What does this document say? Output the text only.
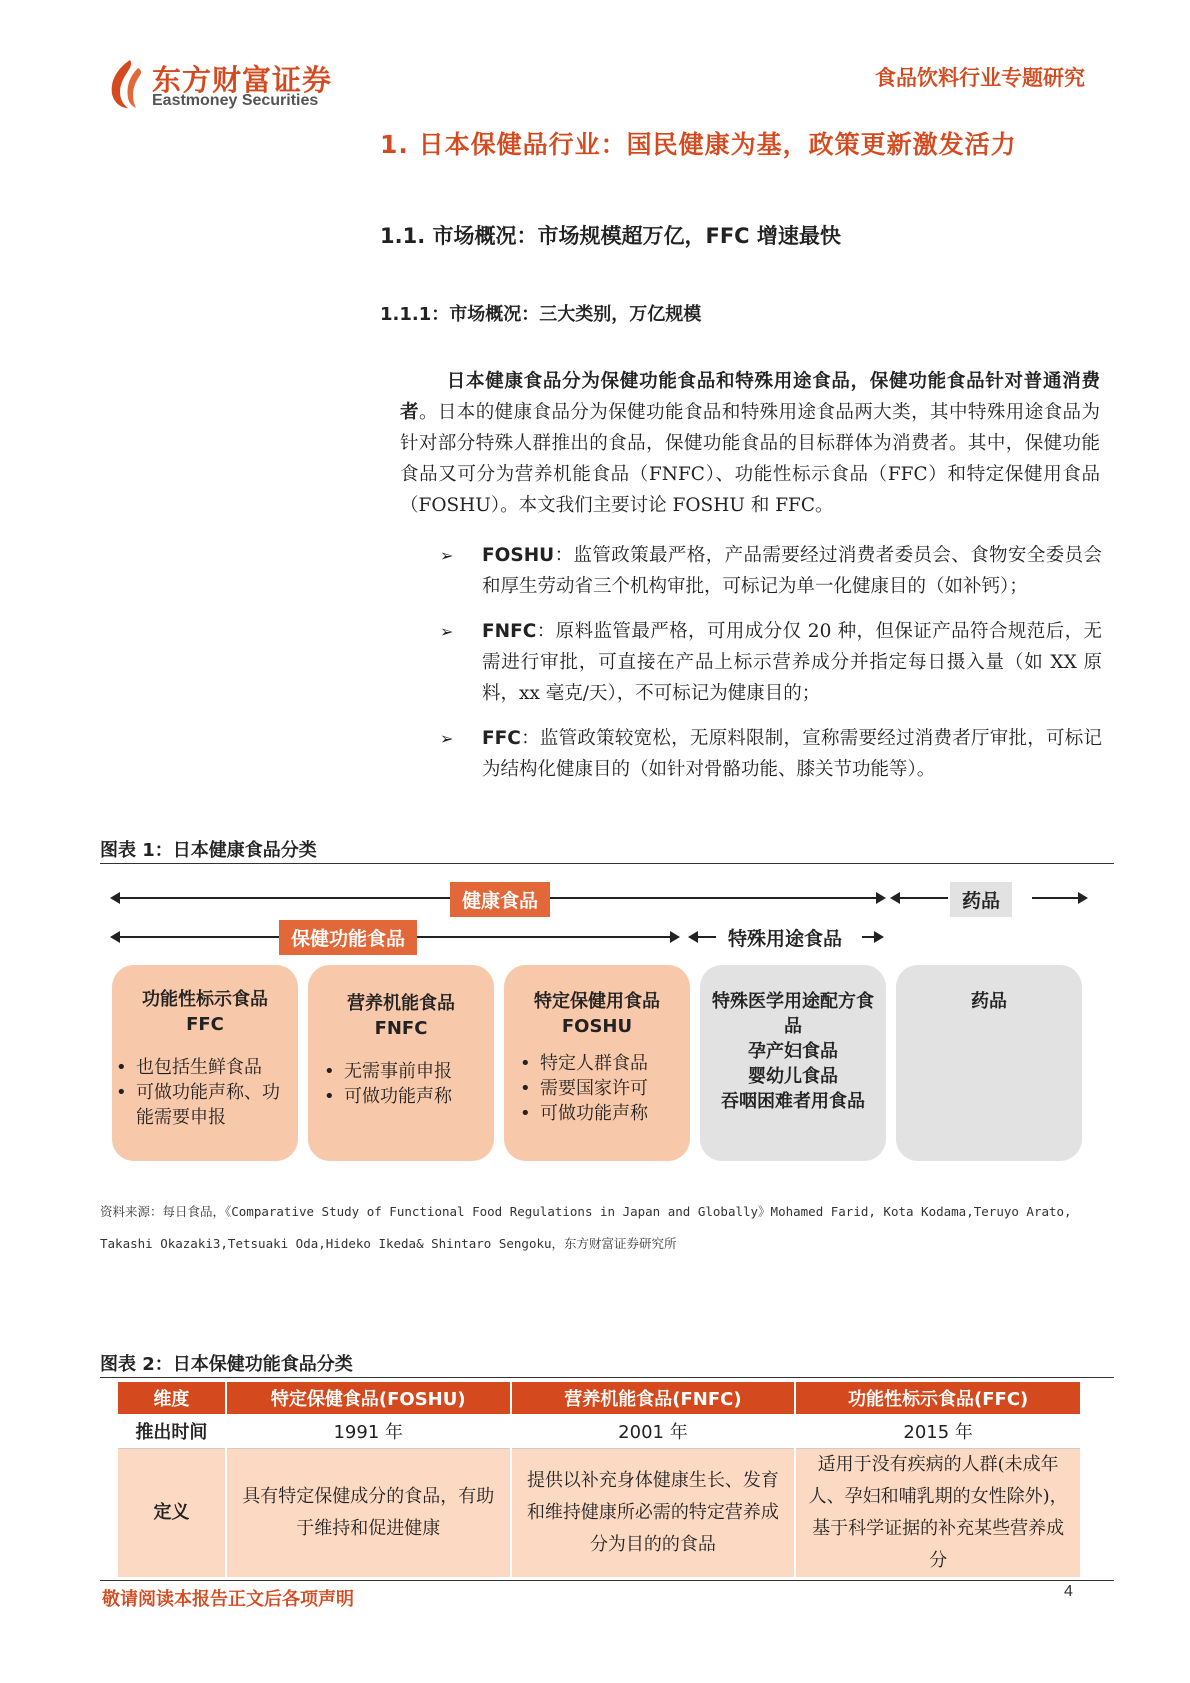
东方财富证券
Eastmoney Securities
食品饮料行业专题研究
1. 日本保健品行业：国民健康为基，政策更新激发活力
1.1. 市场概况：市场规模超万亿，FFC 增速最快
1.1.1：市场概况：三大类别，万亿规模
日本健康食品分为保健功能食品和特殊用途食品，保健功能食品针对普通消费者。日本的健康食品分为保健功能食品和特殊用途食品两大类，其中特殊用途食品为针对部分特殊人群推出的食品，保健功能食品的目标群体为消费者。其中，保健功能食品又可分为营养机能食品（FNFC）、功能性标示食品（FFC）和特定保健用食品（FOSHU）。本文我们主要讨论 FOSHU 和 FFC。
➢ FOSHU：监管政策最严格，产品需要经过消费者委员会、食物安全委员会和厚生劳动省三个机构审批，可标记为单一化健康目的（如补钙）；
➢ FNFC：原料监管最严格，可用成分仅 20 种，但保证产品符合规范后，无需进行审批，可直接在产品上标示营养成分并指定每日摄入量（如 XX 原料，xx 毫克/天），不可标记为健康目的；
➢ FFC：监管政策较宽松，无原料限制，宣称需要经过消费者厅审批，可标记为结构化健康目的（如针对骨骼功能、膝关节功能等）。
图表 1：日本健康食品分类
健康食品	药品
保健功能食品	特殊用途食品
功能性标示食品
FFC
• 也包括生鲜食品
• 可做功能声称、功能需要申报
营养机能食品
FNFC
• 无需事前申报
• 可做功能声称
特定保健用食品
FOSHU
• 特定人群食品
• 需要国家许可
• 可做功能声称
特殊医学用途配方食品
孕产妇食品
婴幼儿食品
吞咽困难者用食品
药品
资料来源：每日食品，《Comparative Study of Functional Food Regulations in Japan and Globally》Mohamed Farid, Kota Kodama,Teruyo Arato, Takashi Okazaki3,Tetsuaki Oda,Hideko Ikeda& Shintaro Sengoku，东方财富证券研究所
图表 2：日本保健功能食品分类
维度	特定保健食品(FOSHU)	营养机能食品(FNFC)	功能性标示食品(FFC)
推出时间	1991 年	2001 年	2015 年
定义	具有特定保健成分的食品，有助于维持和促进健康	提供以补充身体健康生长、发育和维持健康所必需的特定营养成分为目的的食品	适用于没有疾病的人群(未成年人、孕妇和哺乳期的女性除外)，基于科学证据的补充某些营养成分
敬请阅读本报告正文后各项声明	4
